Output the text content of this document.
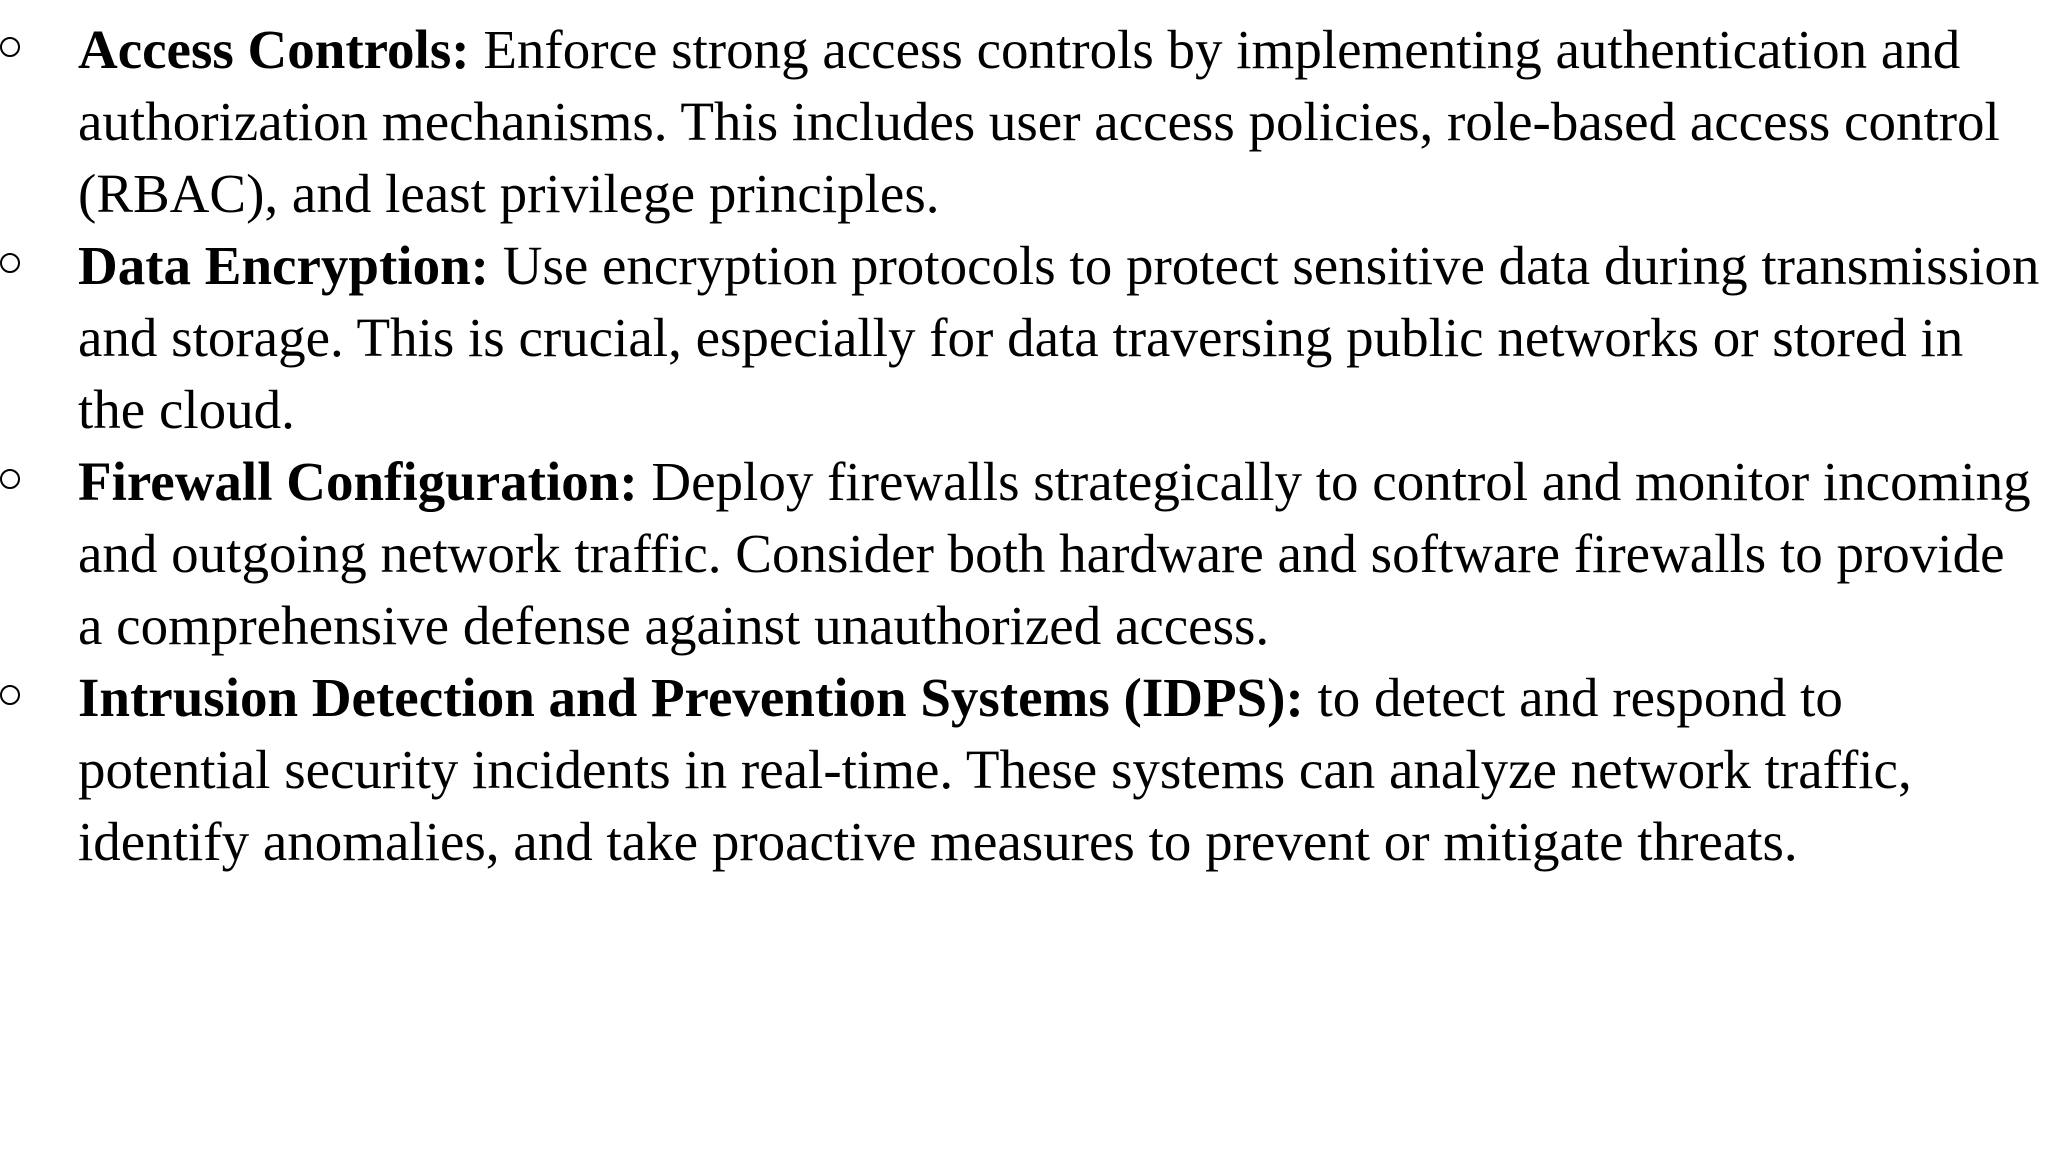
Access Controls: Enforce strong access controls by implementing authentication and authorization mechanisms. This includes user access policies, role-based access control (RBAC), and least privilege principles.
Data Encryption: Use encryption protocols to protect sensitive data during transmission and storage. This is crucial, especially for data traversing public networks or stored in the cloud.
Firewall Configuration: Deploy firewalls strategically to control and monitor incoming and outgoing network traffic. Consider both hardware and software firewalls to provide a comprehensive defense against unauthorized access.
Intrusion Detection and Prevention Systems (IDPS): to detect and respond to potential security incidents in real-time. These systems can analyze network traffic, identify anomalies, and take proactive measures to prevent or mitigate threats.
